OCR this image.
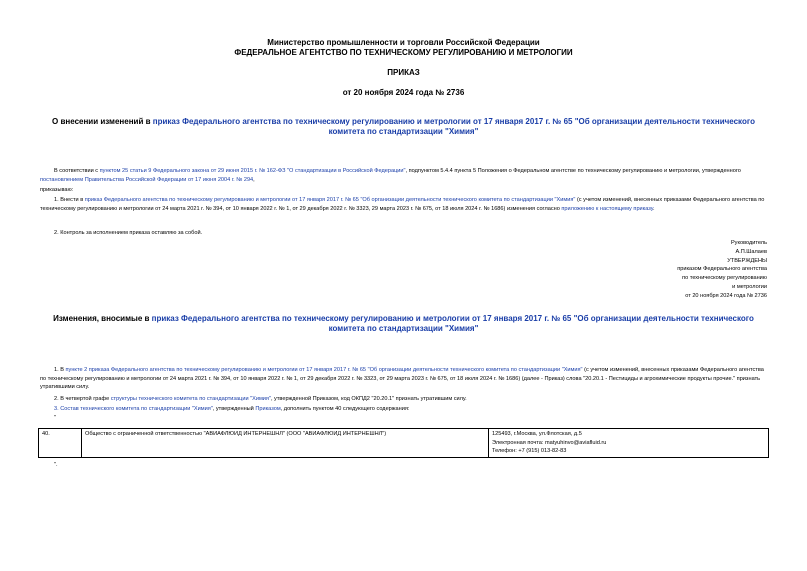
Министерство промышленности и торговли Российской Федерации
ФЕДЕРАЛЬНОЕ АГЕНТСТВО ПО ТЕХНИЧЕСКОМУ РЕГУЛИРОВАНИЮ И МЕТРОЛОГИИ
ПРИКАЗ
от 20 ноября 2024 года № 2736
О внесении изменений в приказ Федерального агентства по техническому регулированию и метрологии от 17 января 2017 г. № 65 "Об организации деятельности технического комитета по стандартизации "Химия"
В соответствии с пунктом 25 статьи 9 Федерального закона от 29 июня 2015 г. № 162-ФЗ "О стандартизации в Российской Федерации", подпунктом 5.4.4 пункта 5 Положения о Федеральном агентстве по техническому регулированию и метрологии, утвержденного постановлением Правительства Российской Федерации от 17 июня 2004 г. № 294,
приказываю:
1. Внести в приказ Федерального агентства по техническому регулированию и метрологии от 17 января 2017 г. № 65 "Об организации деятельности технического комитета по стандартизации "Химия" (с учетом изменений, внесенных приказами Федерального агентства по техническому регулированию и метрологии от 24 марта 2021 г. № 394, от 10 января 2022 г. № 1, от 29 декабря 2022 г. № 3323, 29 марта 2023 г. № 675, от 18 июля 2024 г. № 1686) изменения согласно приложению к настоящему приказу.
2. Контроль за исполнением приказа оставляю за собой.
Руководитель
А.П.Шалаев
УТВЕРЖДЕНЫ
приказом Федерального агентства
по техническому регулированию
и метрологии
от 20 ноября 2024 года № 2736
Изменения, вносимые в приказ Федерального агентства по техническому регулированию и метрологии от 17 января 2017 г. № 65 "Об организации деятельности технического комитета по стандартизации "Химия"
1. В пункте 2 приказа Федерального агентства по техническому регулированию и метрологии от 17 января 2017 г. № 65 "Об организации деятельности технического комитета по стандартизации "Химия" (с учетом изменений, внесенных приказами Федерального агентства по техническому регулированию и метрологии от 24 марта 2021 г. № 394, от 10 января 2022 г. № 1, от 29 декабря 2022 г. № 3323, от 29 марта 2023 г. № 675, от 18 июля 2024 г. № 1686) (далее - Приказ) слова "20.20.1 - Пестициды и агрохимические продукты прочие." признать утратившими силу.
2. В четвертой графе структуры технического комитета по стандартизации "Химия", утвержденной Приказом, код ОКПД2 "20.20.1" признать утратившим силу.
3. Состав технического комитета по стандартизации "Химия", утвержденный Приказом, дополнить пунктом 40 следующего содержания:
"
40.	Общество с ограниченной ответственностью "АВИАФЛЮИД ИНТЕРНЕШНЛ" (ООО "АВИАФЛЮИД ИНТЕРНЕШНЛ")	125493, г.Москва, ул.Флотская, д.5
Электронная почта: matyuhinvo@aviafluid.ru
Телефон: +7 (915) 013-82-83
".
